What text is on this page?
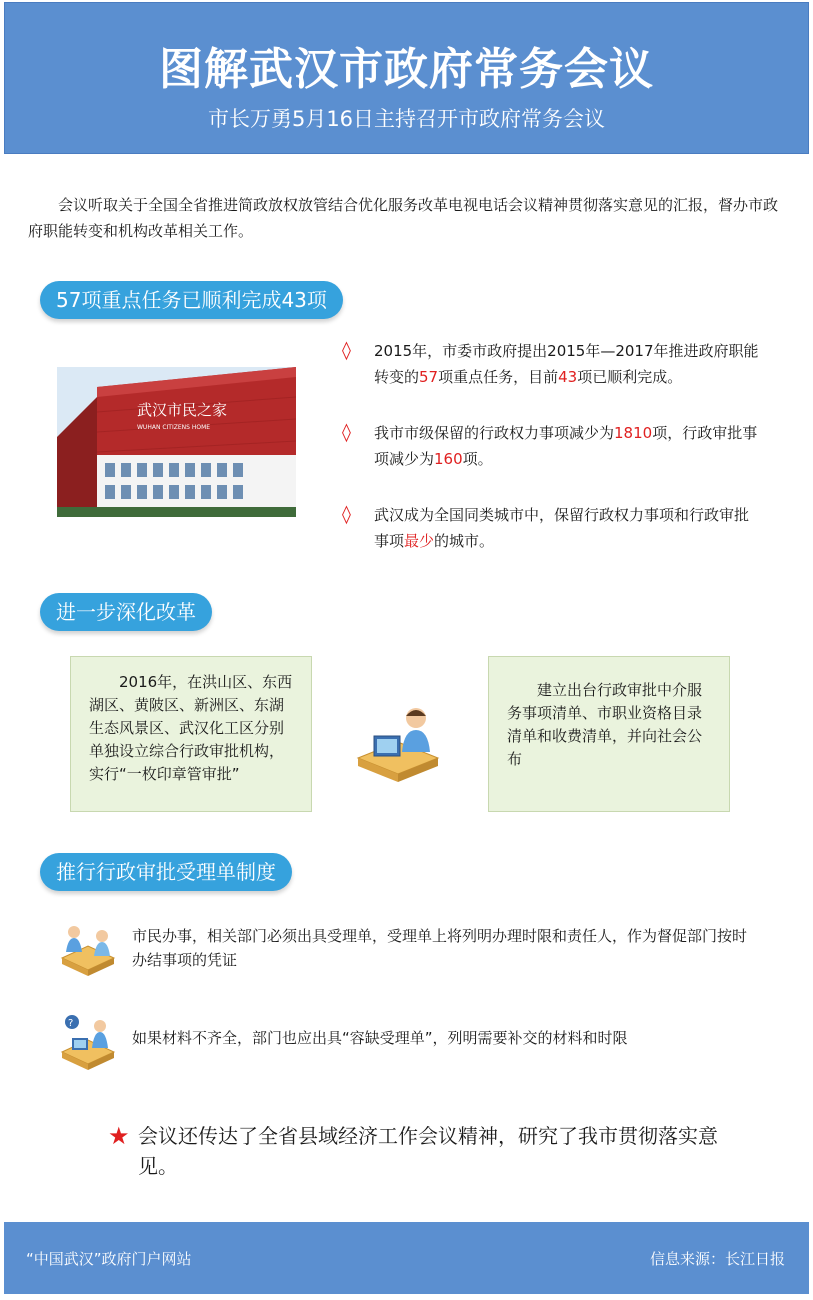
图解武汉市政府常务会议
市长万勇5月16日主持召开市政府常务会议

会议听取关于全国全省推进简政放权放管结合优化服务改革电视电话会议精神贯彻落实意见的汇报，督办市政府职能转变和机构改革相关工作。

57项重点任务已顺利完成43项
武汉市民之家
WUHAN CITIZENS HOME
◊ 2015年，市委市政府提出2015年—2017年推进政府职能转变的57项重点任务，目前43项已顺利完成。
◊ 我市市级保留的行政权力事项减少为1810项，行政审批事项减少为160项。
◊ 武汉成为全国同类城市中，保留行政权力事项和行政审批事项最少的城市。
进一步深化改革
2016年，在洪山区、东西湖区、黄陂区、新洲区、东湖生态风景区、武汉化工区分别单独设立综合行政审批机构，实行“一枚印章管审批”
建立出台行政审批中介服务事项清单、市职业资格目录清单和收费清单，并向社会公布
推行行政审批受理单制度

市民办事，相关部门必须出具受理单，受理单上将列明办理时限和责任人，作为督促部门按时办结事项的凭证

?

如果材料不齐全，部门也应出具“容缺受理单”，列明需要补交的材料和时限

★ 会议还传达了全省县域经济工作会议精神，研究了我市贯彻落实意见。

“中国武汉”政府门户网站	信息来源：长江日报
